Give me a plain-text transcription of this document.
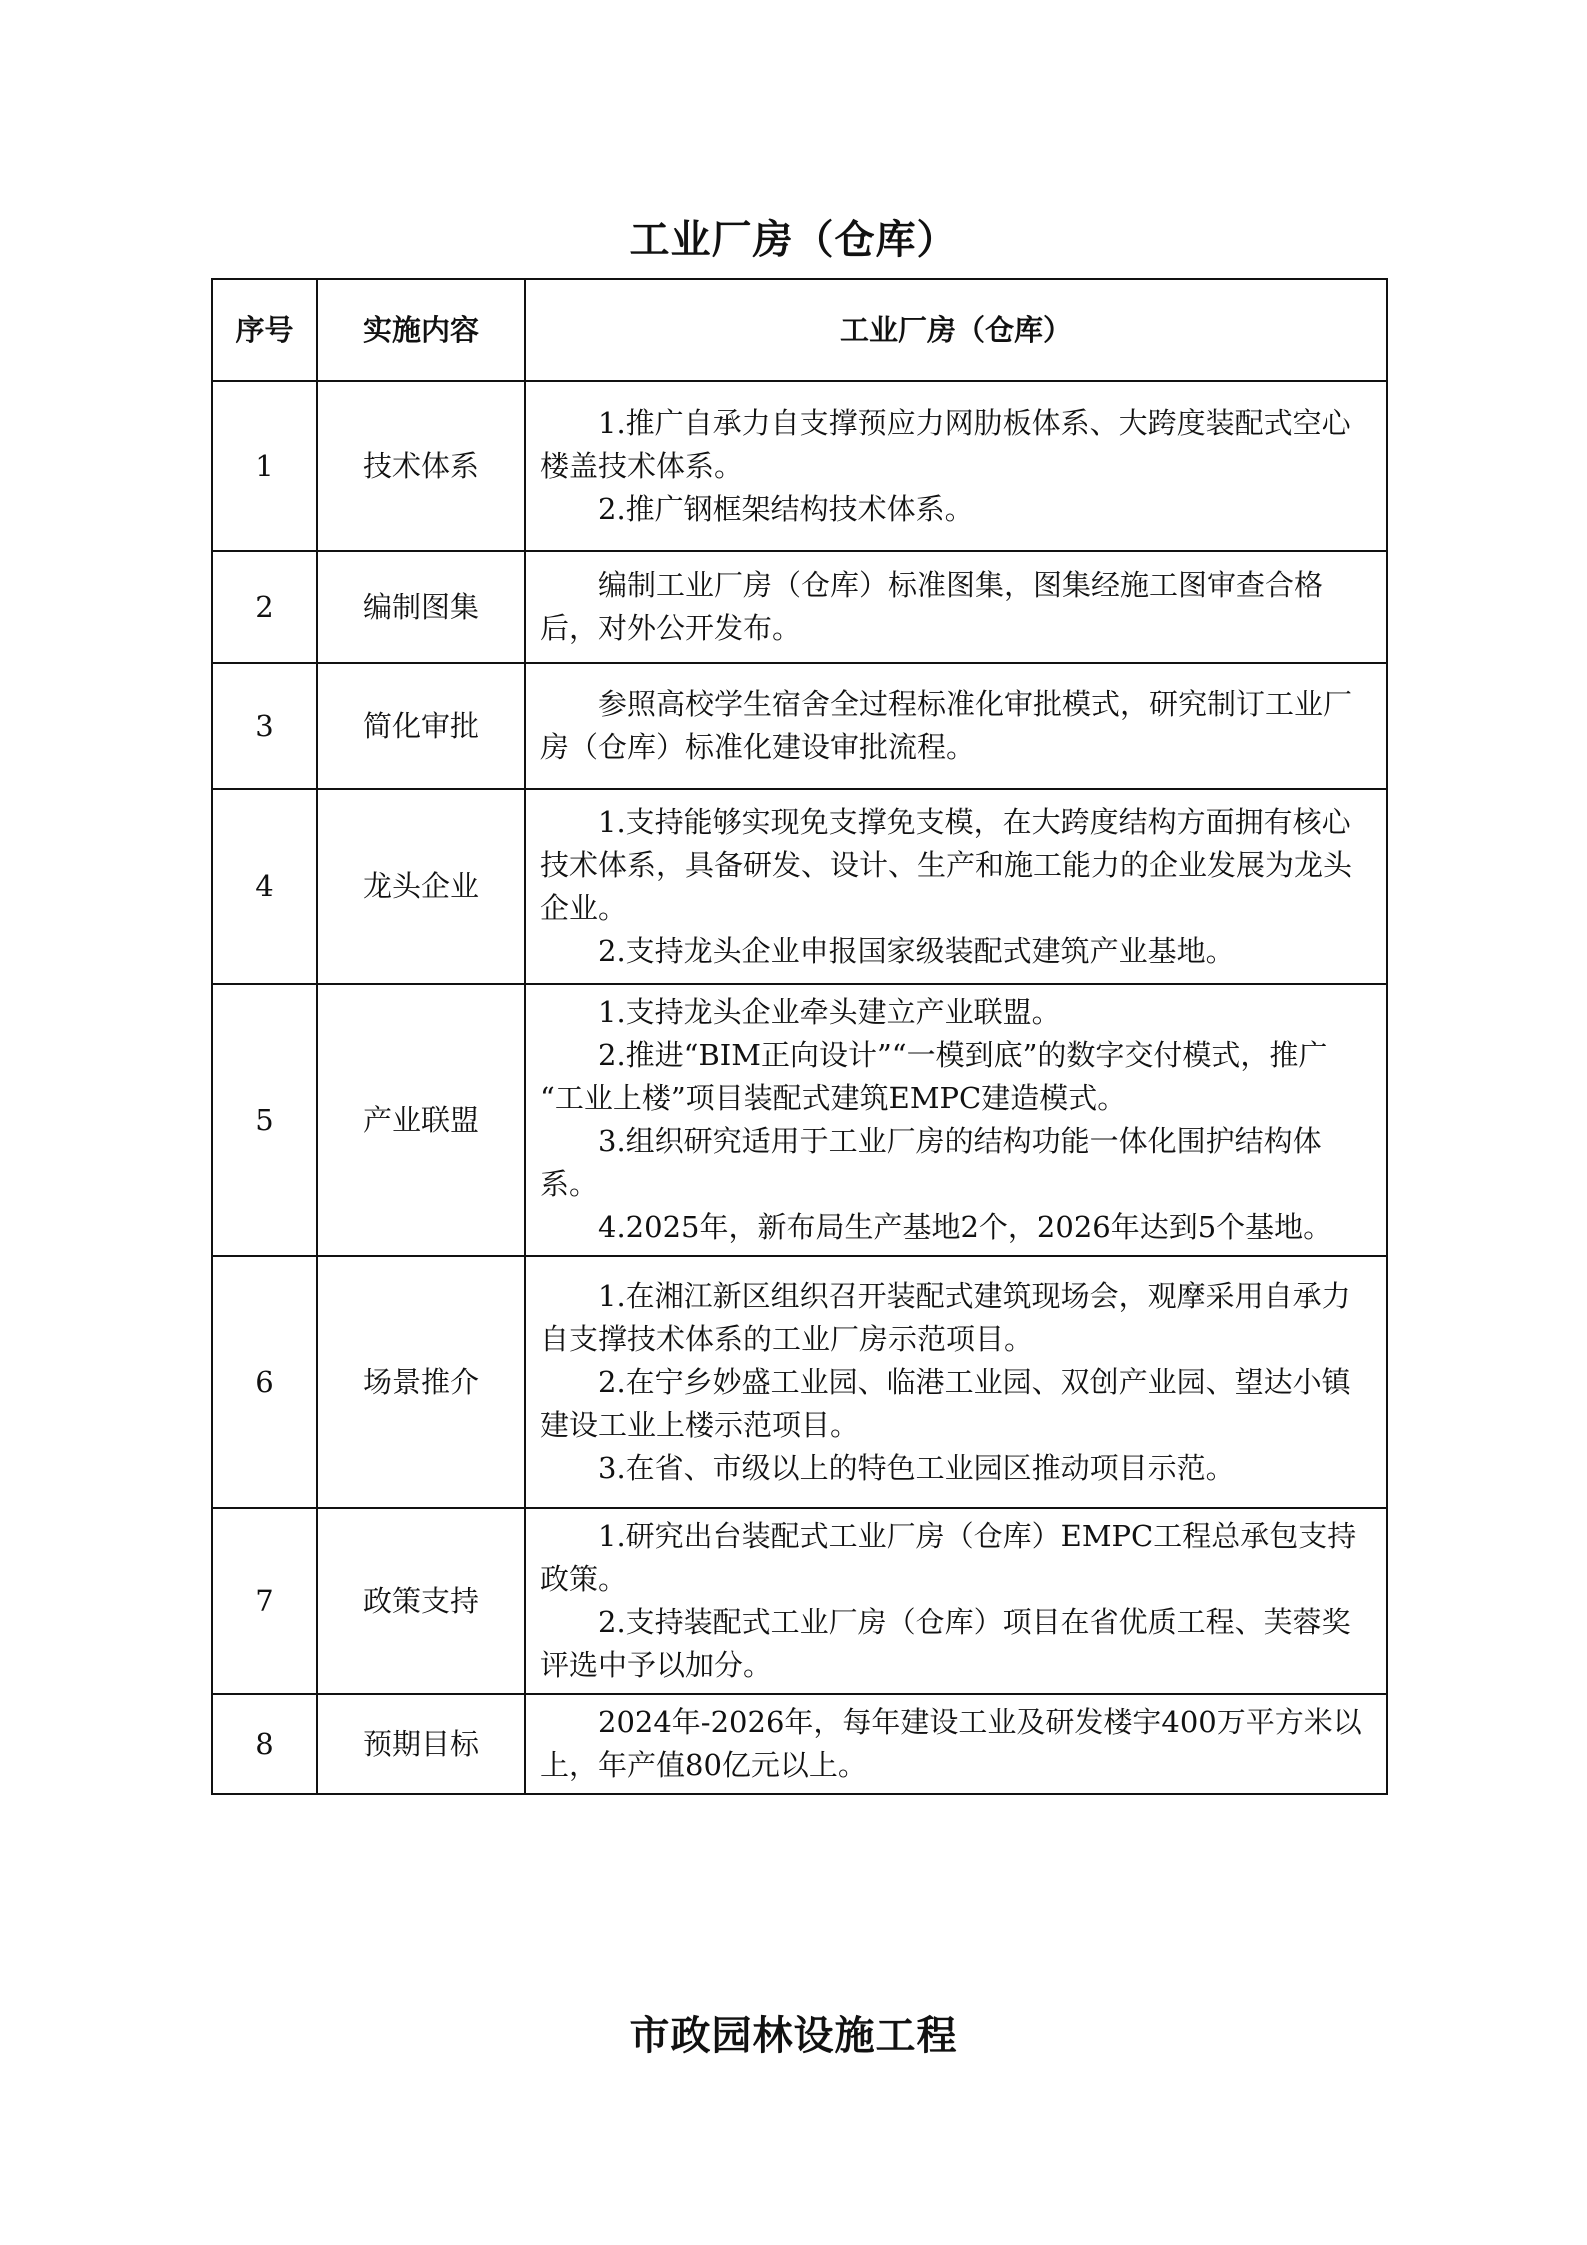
工业厂房（仓库）
序号	实施内容	工业厂房（仓库）
1	技术体系	1.推广自承力自支撑预应力网肋板体系、大跨度装配式空心楼盖技术体系。
2.推广钢框架结构技术体系。

2	编制图集	编制工业厂房（仓库）标准图集，图集经施工图审查合格后，对外公开发布。

3	简化审批	参照高校学生宿舍全过程标准化审批模式，研究制订工业厂房（仓库）标准化建设审批流程。

4	龙头企业	1.支持能够实现免支撑免支模，在大跨度结构方面拥有核心技术体系，具备研发、设计、生产和施工能力的企业发展为龙头企业。
2.支持龙头企业申报国家级装配式建筑产业基地。

5	产业联盟	1.支持龙头企业牵头建立产业联盟。
2.推进“BIM正向设计”“一模到底”的数字交付模式，推广 “工业上楼”项目装配式建筑EMPC建造模式。
3.组织研究适用于工业厂房的结构功能一体化围护结构体系。
4.2025年，新布局生产基地2个，2026年达到5个基地。

6	场景推介	1.在湘江新区组织召开装配式建筑现场会，观摩采用自承力自支撑技术体系的工业厂房示范项目。
2.在宁乡妙盛工业园、临港工业园、双创产业园、望达小镇建设工业上楼示范项目。
3.在省、市级以上的特色工业园区推动项目示范。

7	政策支持	1.研究出台装配式工业厂房（仓库）EMPC工程总承包支持政策。
2.支持装配式工业厂房（仓库）项目在省优质工程、芙蓉奖评选中予以加分。

8	预期目标	2024年-2026年，每年建设工业及研发楼宇400万平方米以上，年产值80亿元以上。
市政园林设施工程
